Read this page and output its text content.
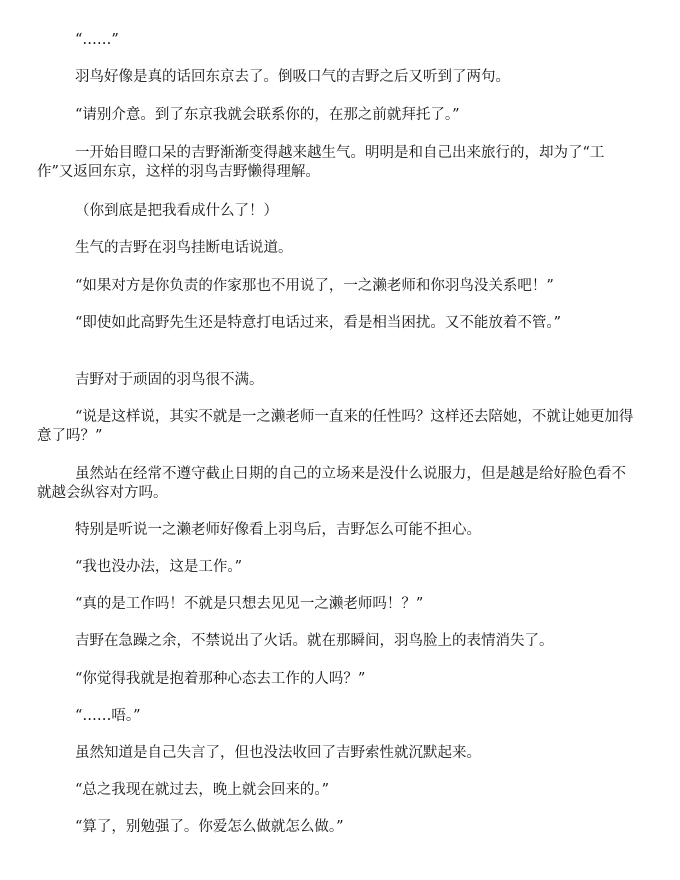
“……”

羽鸟好像是真的话回东京去了。倒吸口气的吉野之后又听到了两句。

“请别介意。到了东京我就会联系你的，在那之前就拜托了。”

一开始目瞪口呆的吉野渐渐变得越来越生气。明明是和自己出来旅行的，却为了“工作”又返回东京，这样的羽鸟吉野懒得理解。

（你到底是把我看成什么了！）

生气的吉野在羽鸟挂断电话说道。

“如果对方是你负责的作家那也不用说了，一之濑老师和你羽鸟没关系吧！”

“即使如此高野先生还是特意打电话过来，看是相当困扰。又不能放着不管。”

吉野对于顽固的羽鸟很不满。

“说是这样说，其实不就是一之濑老师一直来的任性吗？这样还去陪她，不就让她更加得意了吗？”

虽然站在经常不遵守截止日期的自己的立场来是没什么说服力，但是越是给好脸色看不就越会纵容对方吗。

特别是听说一之濑老师好像看上羽鸟后，吉野怎么可能不担心。

“我也没办法，这是工作。”

“真的是工作吗！不就是只想去见见一之濑老师吗！？”

吉野在急躁之余，不禁说出了火话。就在那瞬间，羽鸟脸上的表情消失了。

“你觉得我就是抱着那种心态去工作的人吗？”

“……唔。”

虽然知道是自己失言了，但也没法收回了吉野索性就沉默起来。

“总之我现在就过去，晚上就会回来的。”

“算了，别勉强了。你爱怎么做就怎么做。”
